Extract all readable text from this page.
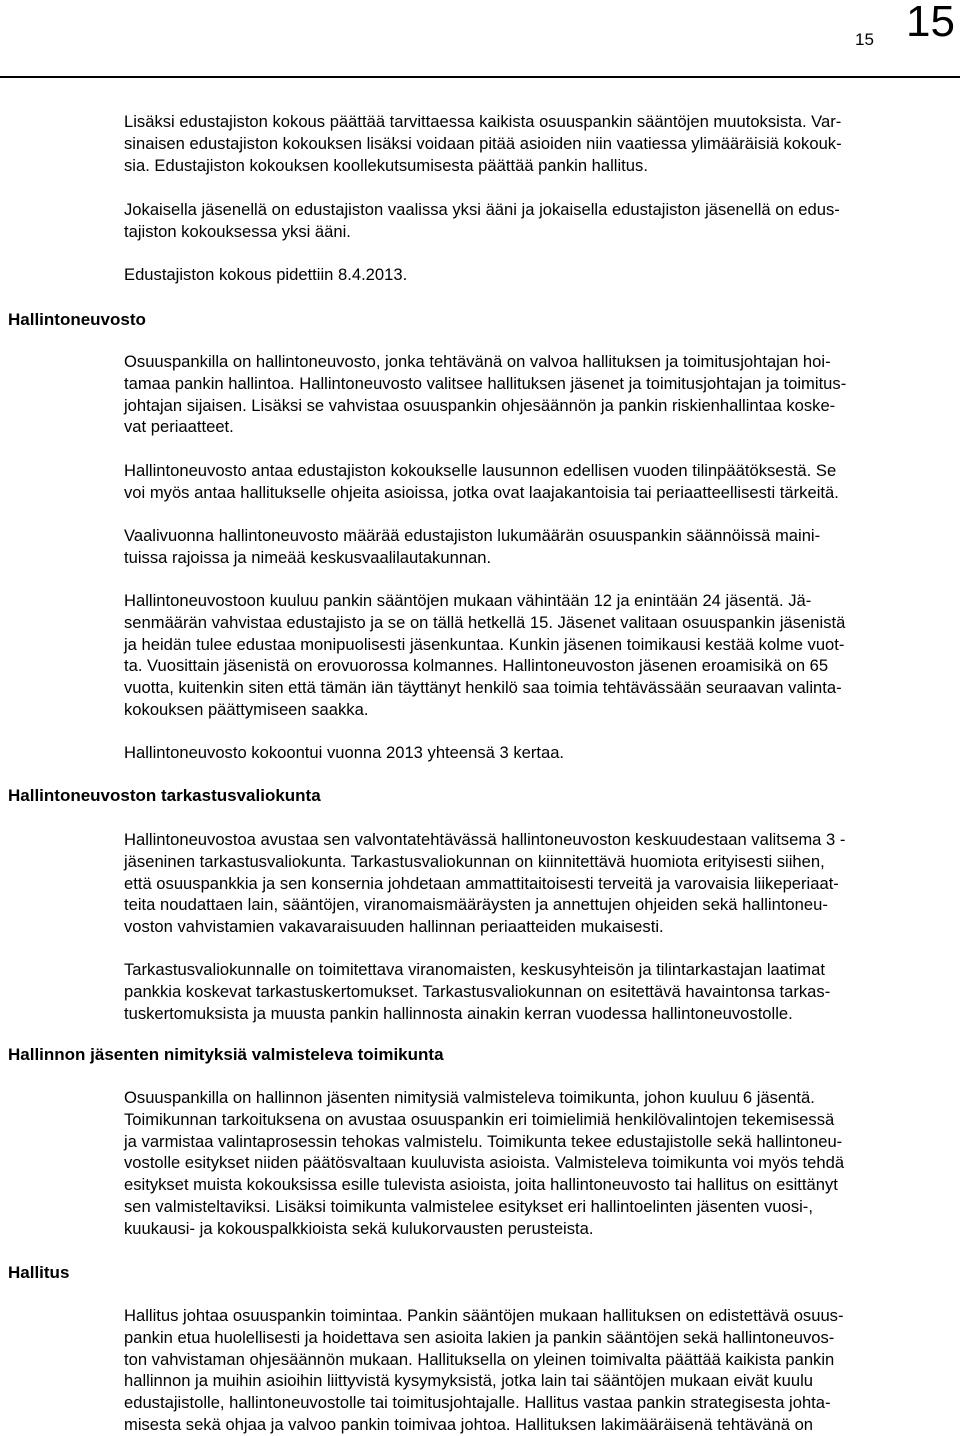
15 15
Lisäksi edustajiston kokous päättää tarvittaessa kaikista osuuspankin sääntöjen muutoksista. Var-
sinaisen edustajiston kokouksen lisäksi voidaan pitää asioiden niin vaatiessa ylimääräisiä kokouk-
sia. Edustajiston kokouksen koollekutsumisesta päättää pankin hallitus.
Jokaisella jäsenellä on edustajiston vaalissa yksi ääni ja jokaisella edustajiston jäsenellä on edus-
tajiston kokouksessa yksi ääni.
Edustajiston kokous pidettiin 8.4.2013.
Hallintoneuvosto
Osuuspankilla on hallintoneuvosto, jonka tehtävänä on valvoa hallituksen ja toimitusjohtajan hoi-
tamaa pankin hallintoa. Hallintoneuvosto valitsee hallituksen jäsenet ja toimitusjohtajan ja toimitus-
johtajan sijaisen. Lisäksi se vahvistaa osuuspankin ohjesäännön ja pankin riskienhallintaa koske-
vat periaatteet.
Hallintoneuvosto antaa edustajiston kokoukselle lausunnon edellisen vuoden tilinpäätöksestä. Se
voi myös antaa hallitukselle ohjeita asioissa, jotka ovat laajakantoisia tai periaatteellisesti tärkeitä.
Vaalivuonna hallintoneuvosto määrää edustajiston lukumäärän osuuspankin säännöissä maini-
tuissa rajoissa ja nimeää keskusvaalilautakunnan.
Hallintoneuvostoon kuuluu pankin sääntöjen mukaan vähintään 12 ja enintään 24 jäsentä. Jä-
senmäärän vahvistaa edustajisto ja se on tällä hetkellä 15. Jäsenet valitaan osuuspankin jäsenistä
ja heidän tulee edustaa monipuolisesti jäsenkuntaa. Kunkin jäsenen toimikausi kestää kolme vuot-
ta. Vuosittain jäsenistä on erovuorossa kolmannes. Hallintoneuvoston jäsenen eroamisikä on 65
vuotta, kuitenkin siten että tämän iän täyttänyt henkilö saa toimia tehtävässään seuraavan valinta-
kokouksen päättymiseen saakka.
Hallintoneuvosto kokoontui vuonna 2013 yhteensä 3 kertaa.
Hallintoneuvoston tarkastusvaliokunta
Hallintoneuvostoa avustaa sen valvontatehtävässä hallintoneuvoston keskuudestaan valitsema 3 -
jäseninen tarkastusvaliokunta. Tarkastusvaliokunnan on kiinnitettävä huomiota erityisesti siihen,
että osuuspankkia ja sen konsernia johdetaan ammattitaitoisesti terveitä ja varovaisia liikeperiaat-
teita noudattaen lain, sääntöjen, viranomaismääräysten ja annettujen ohjeiden sekä hallintoneu-
voston vahvistamien vakavaraisuuden hallinnan periaatteiden mukaisesti.
Tarkastusvaliokunnalle on toimitettava viranomaisten, keskusyhteisön ja tilintarkastajan laatimat
pankkia koskevat tarkastuskertomukset. Tarkastusvaliokunnan on esitettävä havaintonsa tarkas-
tuskertomuksista ja muusta pankin hallinnosta ainakin kerran vuodessa hallintoneuvostolle.
Hallinnon jäsenten nimityksiä valmisteleva toimikunta
Osuuspankilla on hallinnon jäsenten nimitysiä valmisteleva toimikunta, johon kuuluu 6 jäsentä.
Toimikunnan tarkoituksena on avustaa osuuspankin eri toimielimiä henkilövalintojen tekemisessä
ja varmistaa valintaprosessin tehokas valmistelu. Toimikunta tekee edustajistolle sekä hallintoneu-
vostolle esitykset niiden päätösvaltaan kuuluvista asioista. Valmisteleva toimikunta voi myös tehdä
esitykset muista kokouksissa esille tulevista asioista, joita hallintoneuvosto tai hallitus on esittänyt
sen valmisteltaviksi. Lisäksi toimikunta valmistelee esitykset eri hallintoelinten jäsenten vuosi-,
kuukausi- ja kokouspalkkioista sekä kulukorvausten perusteista.
Hallitus
Hallitus johtaa osuuspankin toimintaa. Pankin sääntöjen mukaan hallituksen on edistettävä osuus-
pankin etua huolellisesti ja hoidettava sen asioita lakien ja pankin sääntöjen sekä hallintoneuvos-
ton vahvistaman ohjesäännön mukaan. Hallituksella on yleinen toimivalta päättää kaikista pankin
hallinnon ja muihin asioihin liittyvistä kysymyksistä, jotka lain tai sääntöjen mukaan eivät kuulu
edustajistolle, hallintoneuvostolle tai toimitusjohtajalle. Hallitus vastaa pankin strategisesta johta-
misesta sekä ohjaa ja valvoo pankin toimivaa johtoa. Hallituksen lakimääräisenä tehtävänä on
